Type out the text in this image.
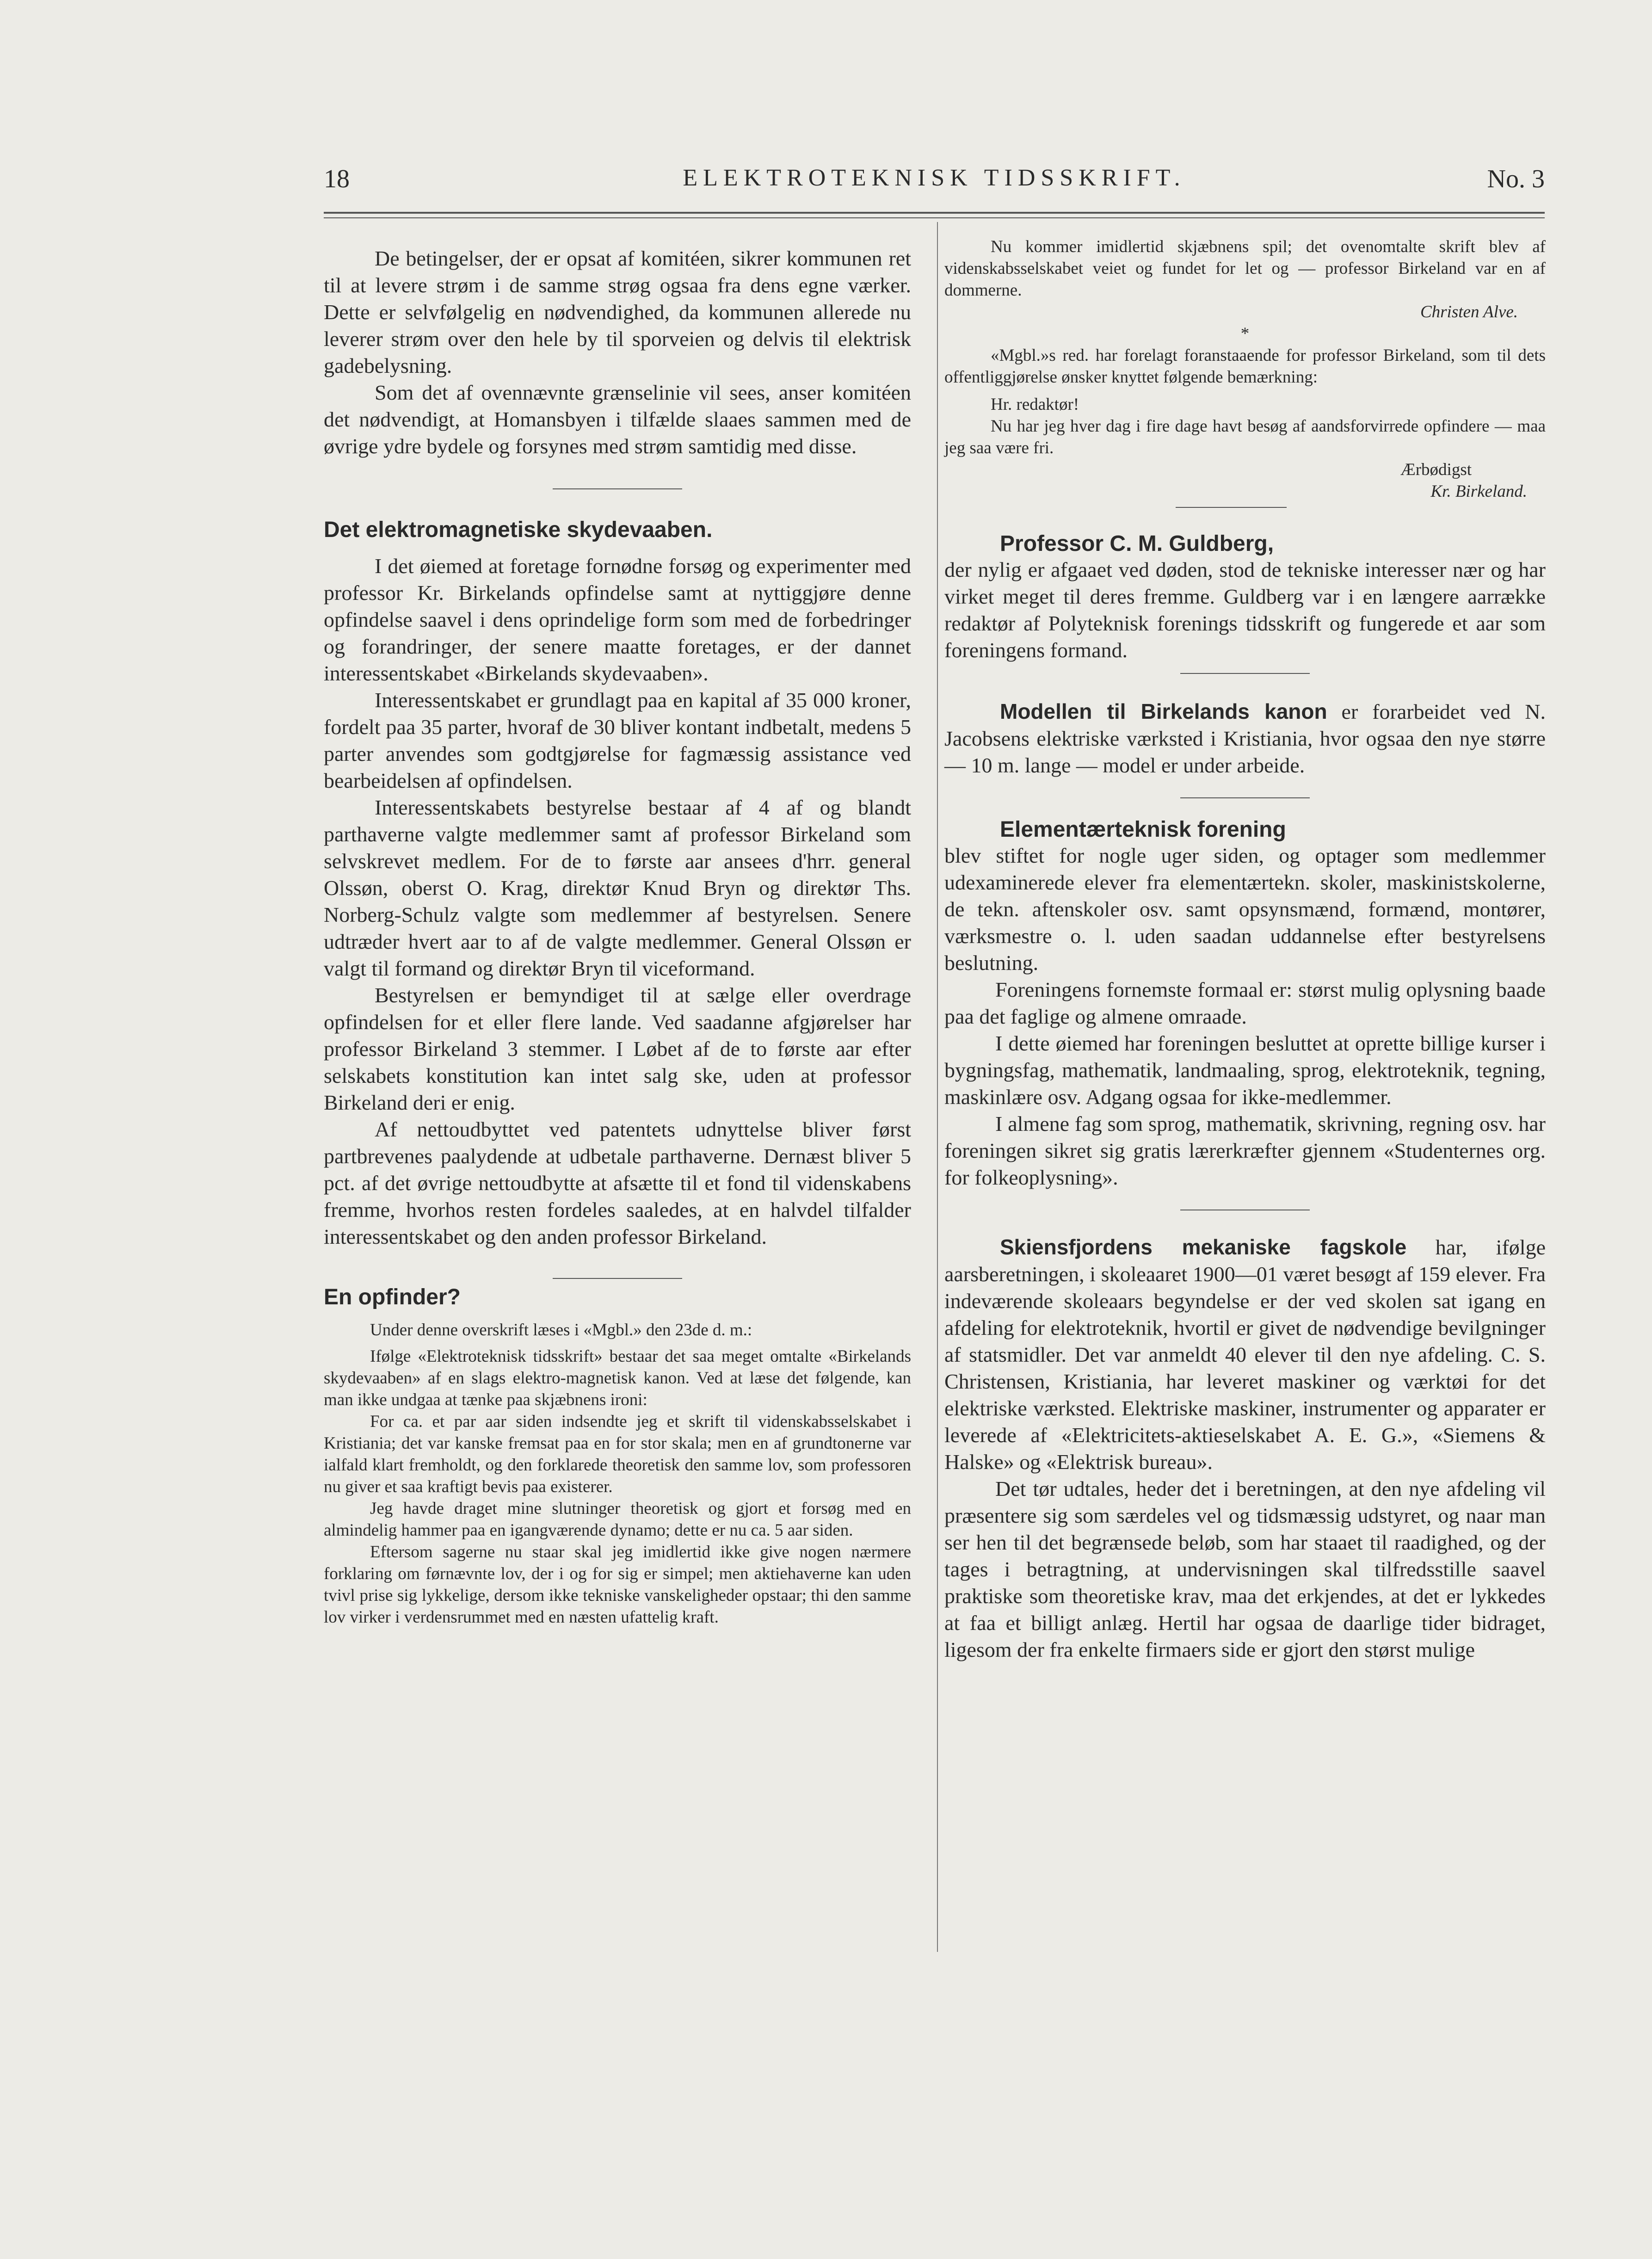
18	ELEKTROTEKNISK TIDSSKRIFT.	No. 3

De betingelser, der er opsat af komitéen, sikrer kommunen ret til at levere strøm i de samme strøg ogsaa fra dens egne værker. Dette er selvfølgelig en nødvendighed, da kommunen allerede nu leverer strøm over den hele by til sporveien og delvis til elektrisk gadebelysning.

Som det af ovennævnte grænselinie vil sees, anser komitéen det nødvendigt, at Homansbyen i tilfælde slaaes sammen med de øvrige ydre bydele og forsynes med strøm samtidig med disse.

Det elektromagnetiske skydevaaben.

I det øiemed at foretage fornødne forsøg og experimenter med professor Kr. Birkelands opfindelse samt at nyttiggjøre denne opfindelse saavel i dens oprindelige form som med de forbedringer og forandringer, der senere maatte foretages, er der dannet interessentskabet «Birkelands skydevaaben».

Interessentskabet er grundlagt paa en kapital af 35 000 kroner, fordelt paa 35 parter, hvoraf de 30 bliver kontant indbetalt, medens 5 parter anvendes som godtgjørelse for fagmæssig assistance ved bearbeidelsen af opfindelsen.

Interessentskabets bestyrelse bestaar af 4 af og blandt parthaverne valgte medlemmer samt af professor Birkeland som selvskrevet medlem. For de to første aar ansees d'hrr. general Olssøn, oberst O. Krag, direktør Knud Bryn og direktør Ths. Norberg-Schulz valgte som medlemmer af bestyrelsen. Senere udtræder hvert aar to af de valgte medlemmer. General Olssøn er valgt til formand og direktør Bryn til viceformand.

Bestyrelsen er bemyndiget til at sælge eller overdrage opfindelsen for et eller flere lande. Ved saadanne afgjørelser har professor Birkeland 3 stemmer. I Løbet af de to første aar efter selskabets konstitution kan intet salg ske, uden at professor Birkeland deri er enig.

Af nettoudbyttet ved patentets udnyttelse bliver først partbrevenes paalydende at udbetale parthaverne. Dernæst bliver 5 pct. af det øvrige nettoudbytte at afsætte til et fond til videnskabens fremme, hvorhos resten fordeles saaledes, at en halvdel tilfalder interessentskabet og den anden professor Birkeland.

En opfinder?

Under denne overskrift læses i «Mgbl.» den 23de d. m.:

Ifølge «Elektroteknisk tidsskrift» bestaar det saa meget omtalte «Birkelands skydevaaben» af en slags elektro-magnetisk kanon. Ved at læse det følgende, kan man ikke undgaa at tænke paa skjæbnens ironi:

For ca. et par aar siden indsendte jeg et skrift til videnskabsselskabet i Kristiania; det var kanske fremsat paa en for stor skala; men en af grundtonerne var ialfald klart fremholdt, og den forklarede theoretisk den samme lov, som professoren nu giver et saa kraftigt bevis paa existerer.

Jeg havde draget mine slutninger theoretisk og gjort et forsøg med en almindelig hammer paa en igangværende dynamo; dette er nu ca. 5 aar siden.

Eftersom sagerne nu staar skal jeg imidlertid ikke give nogen nærmere forklaring om førnævnte lov, der i og for sig er simpel; men aktiehaverne kan uden tvivl prise sig lykkelige, dersom ikke tekniske vanskeligheder opstaar; thi den samme lov virker i verdensrummet med en næsten ufattelig kraft.

Nu kommer imidlertid skjæbnens spil; det ovenomtalte skrift blev af videnskabsselskabet veiet og fundet for let og — professor Birkeland var en af dommerne.

Christen Alve.

*

«Mgbl.»s red. har forelagt foranstaaende for professor Birkeland, som til dets offentliggjørelse ønsker knyttet følgende bemærkning:

Hr. redaktør!

Nu har jeg hver dag i fire dage havt besøg af aandsforvirrede opfindere — maa jeg saa være fri.

Ærbødigst

Kr. Birkeland.

Professor C. M. Guldberg,

der nylig er afgaaet ved døden, stod de tekniske interesser nær og har virket meget til deres fremme. Guldberg var i en længere aarrække redaktør af Polyteknisk forenings tidsskrift og fungerede et aar som foreningens formand.

Modellen til Birkelands kanon er forarbeidet ved N. Jacobsens elektriske værksted i Kristiania, hvor ogsaa den nye større — 10 m. lange — model er under arbeide.

Elementærteknisk forening

blev stiftet for nogle uger siden, og optager som medlemmer udexaminerede elever fra elementærtekn. skoler, maskinistskolerne, de tekn. aftenskoler osv. samt opsynsmænd, formænd, montører, værksmestre o. l. uden saadan uddannelse efter bestyrelsens beslutning.

Foreningens fornemste formaal er: størst mulig oplysning baade paa det faglige og almene omraade.

I dette øiemed har foreningen besluttet at oprette billige kurser i bygningsfag, mathematik, landmaaling, sprog, elektroteknik, tegning, maskinlære osv. Adgang ogsaa for ikke-medlemmer.

I almene fag som sprog, mathematik, skrivning, regning osv. har foreningen sikret sig gratis lærerkræfter gjennem «Studenternes org. for folkeoplysning».

Skiensfjordens mekaniske fagskole har, ifølge aarsberetningen, i skoleaaret 1900—01 været besøgt af 159 elever. Fra indeværende skoleaars begyndelse er der ved skolen sat igang en afdeling for elektroteknik, hvortil er givet de nødvendige bevilgninger af statsmidler. Det var anmeldt 40 elever til den nye afdeling. C. S. Christensen, Kristiania, har leveret maskiner og værktøi for det elektriske værksted. Elektriske maskiner, instrumenter og apparater er leverede af «Elektricitets-aktieselskabet A. E. G.», «Siemens & Halske» og «Elektrisk bureau».

Det tør udtales, heder det i beretningen, at den nye afdeling vil præsentere sig som særdeles vel og tidsmæssig udstyret, og naar man ser hen til det begrænsede beløb, som har staaet til raadighed, og der tages i betragtning, at undervisningen skal tilfredsstille saavel praktiske som theoretiske krav, maa det erkjendes, at det er lykkedes at faa et billigt anlæg. Hertil har ogsaa de daarlige tider bidraget, ligesom der fra enkelte firmaers side er gjort den størst mulige
